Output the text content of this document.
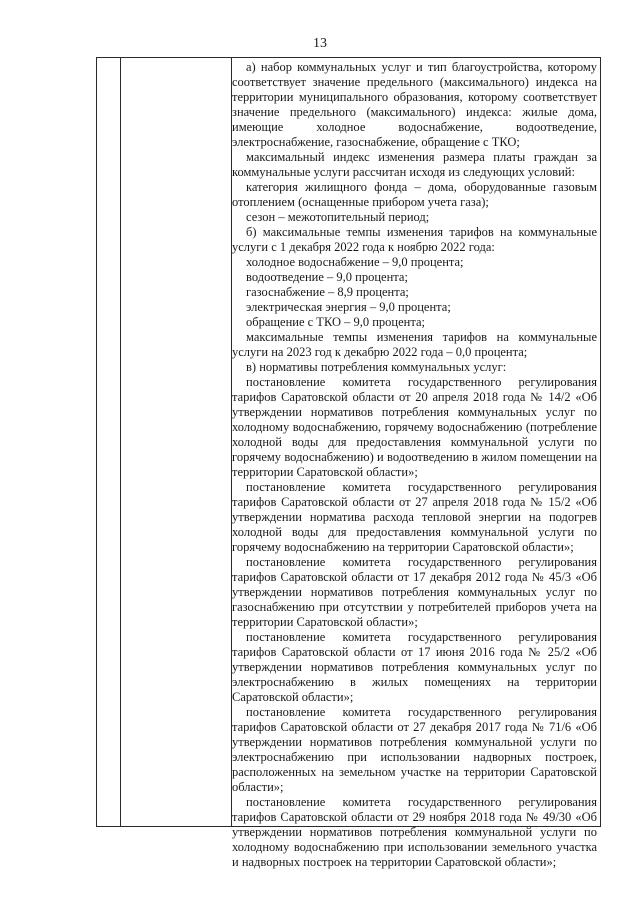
13

а) набор коммунальных услуг и тип благоустройства, которому соответствует значение предельного (максимального) индекса на территории муниципального образования, которому соответствует значение предельного (максимального) индекса: жилые дома, имеющие холодное водоснабжение, водоотведение, электроснабжение, газоснабжение, обращение с ТКО;

максимальный индекс изменения размера платы граждан за коммунальные услуги рассчитан исходя из следующих условий:

категория жилищного фонда – дома, оборудованные газовым отоплением (оснащенные прибором учета газа);

сезон – межотопительный период;

б) максимальные темпы изменения тарифов на коммунальные услуги с 1 декабря 2022 года к ноябрю 2022 года:

холодное водоснабжение – 9,0 процента;

водоотведение – 9,0 процента;

газоснабжение – 8,9 процента;

электрическая энергия – 9,0 процента;

обращение с ТКО – 9,0 процента;

максимальные темпы изменения тарифов на коммунальные услуги на 2023 год к декабрю 2022 года – 0,0 процента;

в) нормативы потребления коммунальных услуг:

постановление комитета государственного регулирования тарифов Саратовской области от 20 апреля 2018 года № 14/2 «Об утверждении нормативов потребления коммунальных услуг по холодному водоснабжению, горячему водоснабжению (потребление холодной воды для предоставления коммунальной услуги по горячему водоснабжению) и водоотведению в жилом помещении на территории Саратовской области»;

постановление комитета государственного регулирования тарифов Саратовской области от 27 апреля 2018 года № 15/2 «Об утверждении норматива расхода тепловой энергии на подогрев холодной воды для предоставления коммунальной услуги по горячему водоснабжению на территории Саратовской области»;

постановление комитета государственного регулирования тарифов Саратовской области от 17 декабря 2012 года № 45/3 «Об утверждении нормативов потребления коммунальных услуг по газоснабжению при отсутствии у потребителей приборов учета на территории Саратовской области»;

постановление комитета государственного регулирования тарифов Саратовской области от 17 июня 2016 года № 25/2 «Об утверждении нормативов потребления коммунальных услуг по электроснабжению в жилых помещениях на территории Саратовской области»;

постановление комитета государственного регулирования тарифов Саратовской области от 27 декабря 2017 года № 71/6 «Об утверждении нормативов потребления коммунальной услуги по электроснабжению при использовании надворных построек, расположенных на земельном участке на территории Саратовской области»;

постановление комитета государственного регулирования тарифов Саратовской области от 29 ноября 2018 года № 49/30 «Об утверждении нормативов потребления коммунальной услуги по холодному водоснабжению при использовании земельного участка и надворных построек на территории Саратовской области»;
